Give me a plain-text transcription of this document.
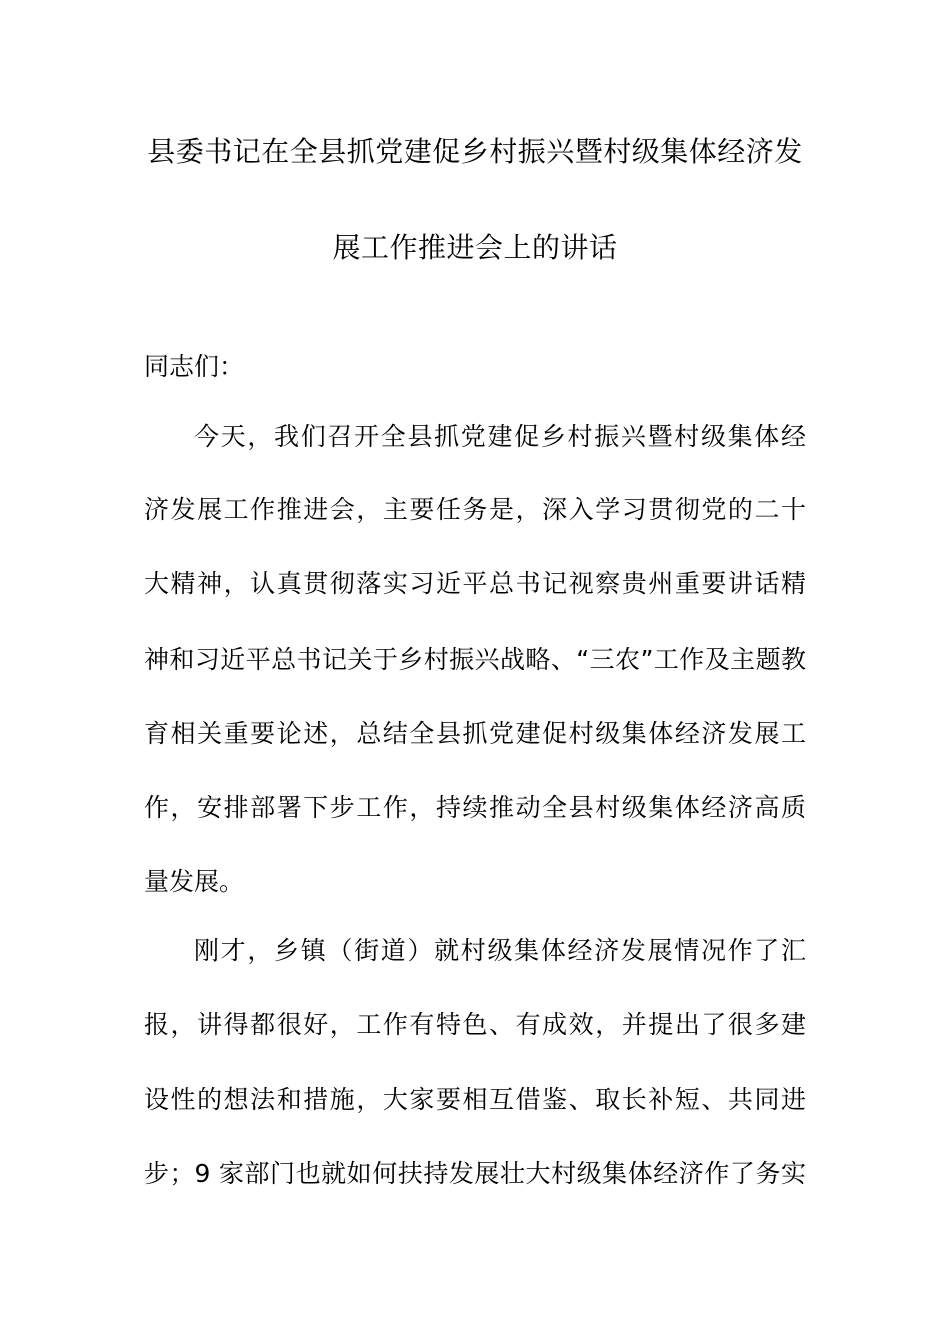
县委书记在全县抓党建促乡村振兴暨村级集体经济发
展工作推进会上的讲话
同志们：
今天，我们召开全县抓党建促乡村振兴暨村级集体经
济发展工作推进会，主要任务是，深入学习贯彻党的二十
大精神，认真贯彻落实习近平总书记视察贵州重要讲话精
神和习近平总书记关于乡村振兴战略、“三农”工作及主题教
育相关重要论述，总结全县抓党建促村级集体经济发展工
作，安排部署下步工作，持续推动全县村级集体经济高质
量发展。
刚才，乡镇（街道）就村级集体经济发展情况作了汇
报，讲得都很好，工作有特色、有成效，并提出了很多建
设性的想法和措施，大家要相互借鉴、取长补短、共同进
步；9 家部门也就如何扶持发展壮大村级集体经济作了务实
